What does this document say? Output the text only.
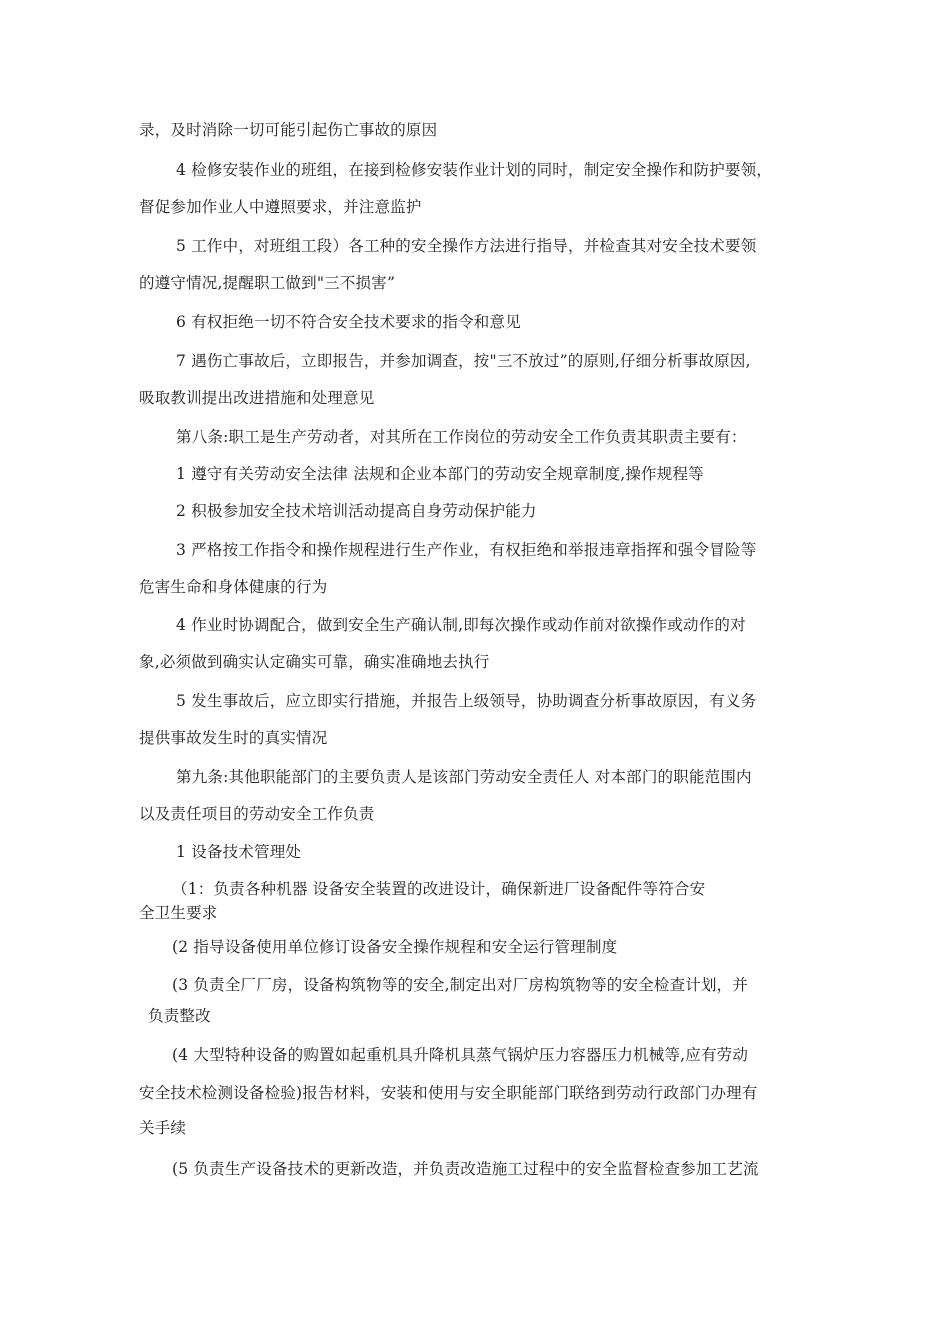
录，及时消除一切可能引起伤亡事故的原因
4 检修安装作业的班组，在接到检修安装作业计划的同时，制定安全操作和防护要领，
督促参加作业人中遵照要求，并注意监护
5 工作中，对班组工段）各工种的安全操作方法进行指导，并检查其对安全技术要领
的遵守情况,提醒职工做到"三不损害”
6 有权拒绝一切不符合安全技术要求的指令和意见
7 遇伤亡事故后，立即报告，并参加调查，按"三不放过”的原则,仔细分析事故原因,
吸取教训提出改进措施和处理意见
第八条:职工是生产劳动者，对其所在工作岗位的劳动安全工作负责其职责主要有：
1 遵守有关劳动安全法律 法规和企业本部门的劳动安全规章制度,操作规程等
2 积极参加安全技术培训活动提高自身劳动保护能力
3 严格按工作指令和操作规程进行生产作业，有权拒绝和举报违章指挥和强令冒险等
危害生命和身体健康的行为
4 作业时协调配合，做到安全生产确认制,即每次操作或动作前对欲操作或动作的对
象,必须做到确实认定确实可靠，确实准确地去执行
5 发生事故后，应立即实行措施，并报告上级领导，协助调查分析事故原因，有义务
提供事故发生时的真实情况
第九条:其他职能部门的主要负责人是该部门劳动安全责任人 对本部门的职能范围内
以及责任项目的劳动安全工作负责
1 设备技术管理处
（1：负责各种机器 设备安全装置的改进设计，确保新进厂设备配件等符合安
全卫生要求
(2 指导设备使用单位修订设备安全操作规程和安全运行管理制度
(3 负责全厂厂房，设备构筑物等的安全,制定出对厂房构筑物等的安全检查计划，并
负责整改
(4 大型特种设备的购置如起重机具升降机具蒸气锅炉压力容器压力机械等,应有劳动
安全技术检测设备检验)报告材料，安装和使用与安全职能部门联络到劳动行政部门办理有
关手续
(5 负责生产设备技术的更新改造，并负责改造施工过程中的安全监督检查参加工艺流
